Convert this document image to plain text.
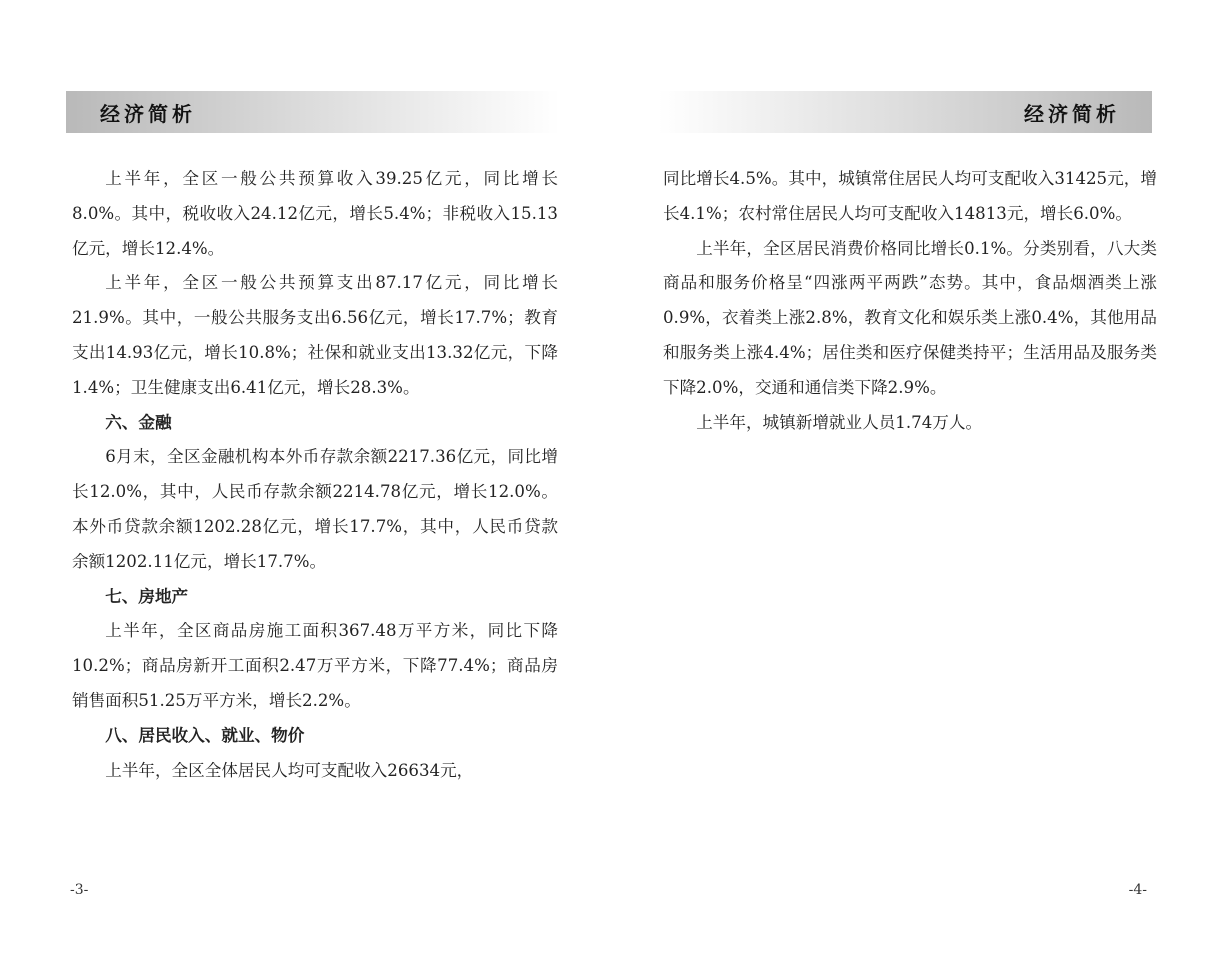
经济简析

上半年，全区一般公共预算收入39.25亿元，同比增长8.0%。其中，税收收入24.12亿元，增长5.4%；非税收入15.13亿元，增长12.4%。

上半年，全区一般公共预算支出87.17亿元，同比增长21.9%。其中，一般公共服务支出6.56亿元，增长17.7%；教育支出14.93亿元，增长10.8%；社保和就业支出13.32亿元，下降1.4%；卫生健康支出6.41亿元，增长28.3%。

六、金融

6月末，全区金融机构本外币存款余额2217.36亿元，同比增长12.0%，其中，人民币存款余额2214.78亿元，增长12.0%。本外币贷款余额1202.28亿元，增长17.7%，其中，人民币贷款余额1202.11亿元，增长17.7%。

七、房地产

上半年，全区商品房施工面积367.48万平方米，同比下降10.2%；商品房新开工面积2.47万平方米，下降77.4%；商品房销售面积51.25万平方米，增长2.2%。

八、居民收入、就业、物价

上半年，全区全体居民人均可支配收入26634元，

-3-
经济简析

同比增长4.5%。其中，城镇常住居民人均可支配收入31425元，增长4.1%；农村常住居民人均可支配收入14813元，增长6.0%。

上半年，全区居民消费价格同比增长0.1%。分类别看，八大类商品和服务价格呈“四涨两平两跌”态势。其中，食品烟酒类上涨0.9%，衣着类上涨2.8%，教育文化和娱乐类上涨0.4%，其他用品和服务类上涨4.4%；居住类和医疗保健类持平；生活用品及服务类下降2.0%，交通和通信类下降2.9%。

上半年，城镇新增就业人员1.74万人。

-4-
